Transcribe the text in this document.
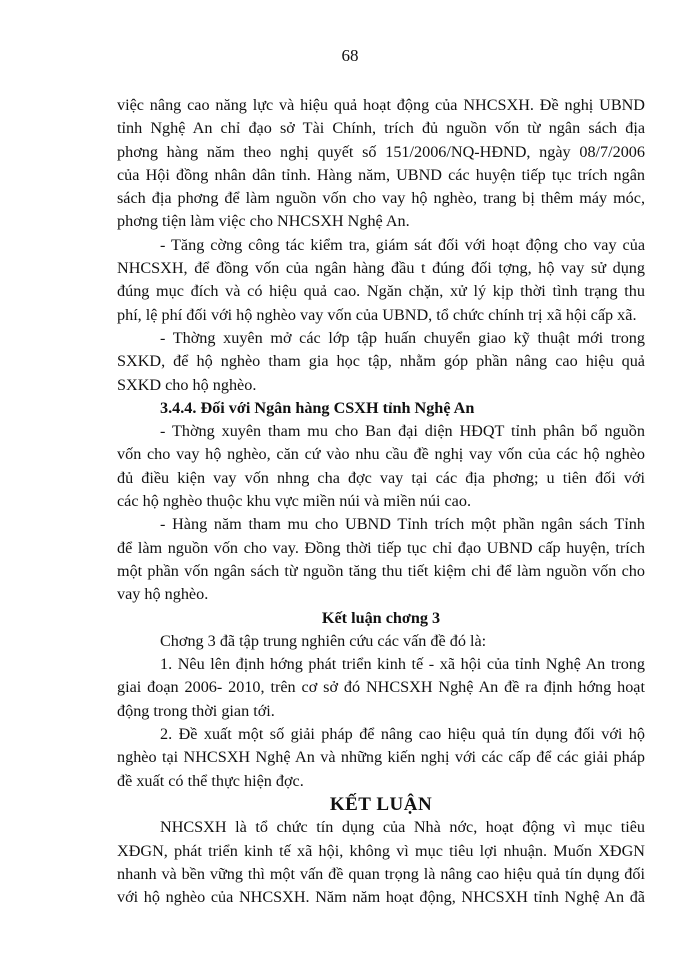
68

việc nâng cao năng lực và hiệu quả hoạt động của NHCSXH. Đề nghị UBND

tỉnh Nghệ An chỉ đạo sở Tài Chính, trích đủ nguồn vốn từ ngân sách địa

phơng hàng năm theo nghị quyết số 151/2006/NQ-HĐND, ngày 08/7/2006

của Hội đồng nhân dân tỉnh. Hàng năm, UBND các huyện tiếp tục trích ngân

sách địa phơng để làm nguồn vốn cho vay hộ nghèo, trang bị thêm máy móc,

phơng tiện làm việc cho NHCSXH Nghệ An.

- Tăng cờng công tác kiểm tra, giám sát đối với hoạt động cho vay của

NHCSXH, để đồng vốn của ngân hàng đầu t đúng đối tợng, hộ vay sử dụng

đúng mục đích và có hiệu quả cao. Ngăn chặn, xử lý kịp thời tình trạng thu

phí, lệ phí đối với hộ nghèo vay vốn của UBND, tổ chức chính trị xã hội cấp xã.

- Thờng xuyên mở các lớp tập huấn chuyển giao kỹ thuật mới trong

SXKD, để hộ nghèo tham gia học tập, nhằm góp phần nâng cao hiệu quả

SXKD cho hộ nghèo.

3.4.4. Đối với Ngân hàng CSXH tỉnh Nghệ An

- Thờng xuyên tham mu cho Ban đại diện HĐQT tỉnh phân bổ nguồn

vốn cho vay hộ nghèo, căn cứ vào nhu cầu đề nghị vay vốn của các hộ nghèo

đủ điều kiện vay vốn nhng cha đợc vay tại các địa phơng; u tiên đối với

các hộ nghèo thuộc khu vực miền núi và miền núi cao.

- Hàng năm tham mu cho UBND Tỉnh trích một phần ngân sách Tỉnh

để làm nguồn vốn cho vay. Đồng thời tiếp tục chỉ đạo UBND cấp huyện, trích

một phần vốn ngân sách từ nguồn tăng thu tiết kiệm chi để làm nguồn vốn cho

vay hộ nghèo.

Kết luận chơng 3

Chơng 3 đã tập trung nghiên cứu các vấn đề đó là:

1. Nêu lên định hớng phát triển kinh tế - xã hội của tỉnh Nghệ An trong

giai đoạn 2006- 2010, trên cơ sở đó NHCSXH Nghệ An đề ra định hớng hoạt

động trong thời gian tới.

2. Đề xuất một số giải pháp để nâng cao hiệu quả tín dụng đối với hộ

nghèo tại NHCSXH Nghệ An và những kiến nghị với các cấp để các giải pháp

đề xuất có thể thực hiện đợc.

KẾT LUẬN

NHCSXH là tổ chức tín dụng của Nhà nớc, hoạt động vì mục tiêu

XĐGN, phát triển kinh tế xã hội, không vì mục tiêu lợi nhuận. Muốn XĐGN

nhanh và bền vững thì một vấn đề quan trọng là nâng cao hiệu quả tín dụng đối

với hộ nghèo của NHCSXH. Năm năm hoạt động, NHCSXH tỉnh Nghệ An đã
